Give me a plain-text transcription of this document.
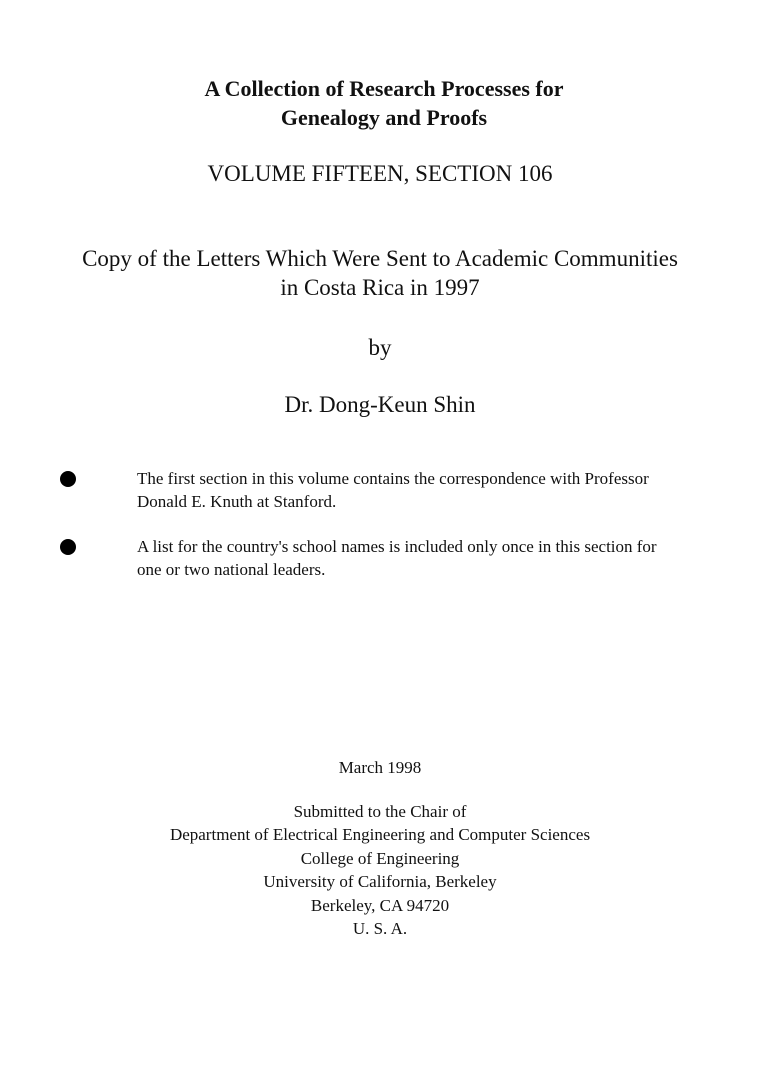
A Collection of Research Processes for
Genealogy and Proofs
VOLUME FIFTEEN, SECTION 106
Copy of the Letters Which Were Sent to Academic Communities
in Costa Rica in 1997
by
Dr. Dong-Keun Shin
The first section in this volume contains the correspondence with Professor
Donald E. Knuth at Stanford.
A list for the country's school names is included only once in this section for
one or two national leaders.
March 1998
Submitted to the Chair of
Department of Electrical Engineering and Computer Sciences
College of Engineering
University of California, Berkeley
Berkeley, CA 94720
U. S. A.
